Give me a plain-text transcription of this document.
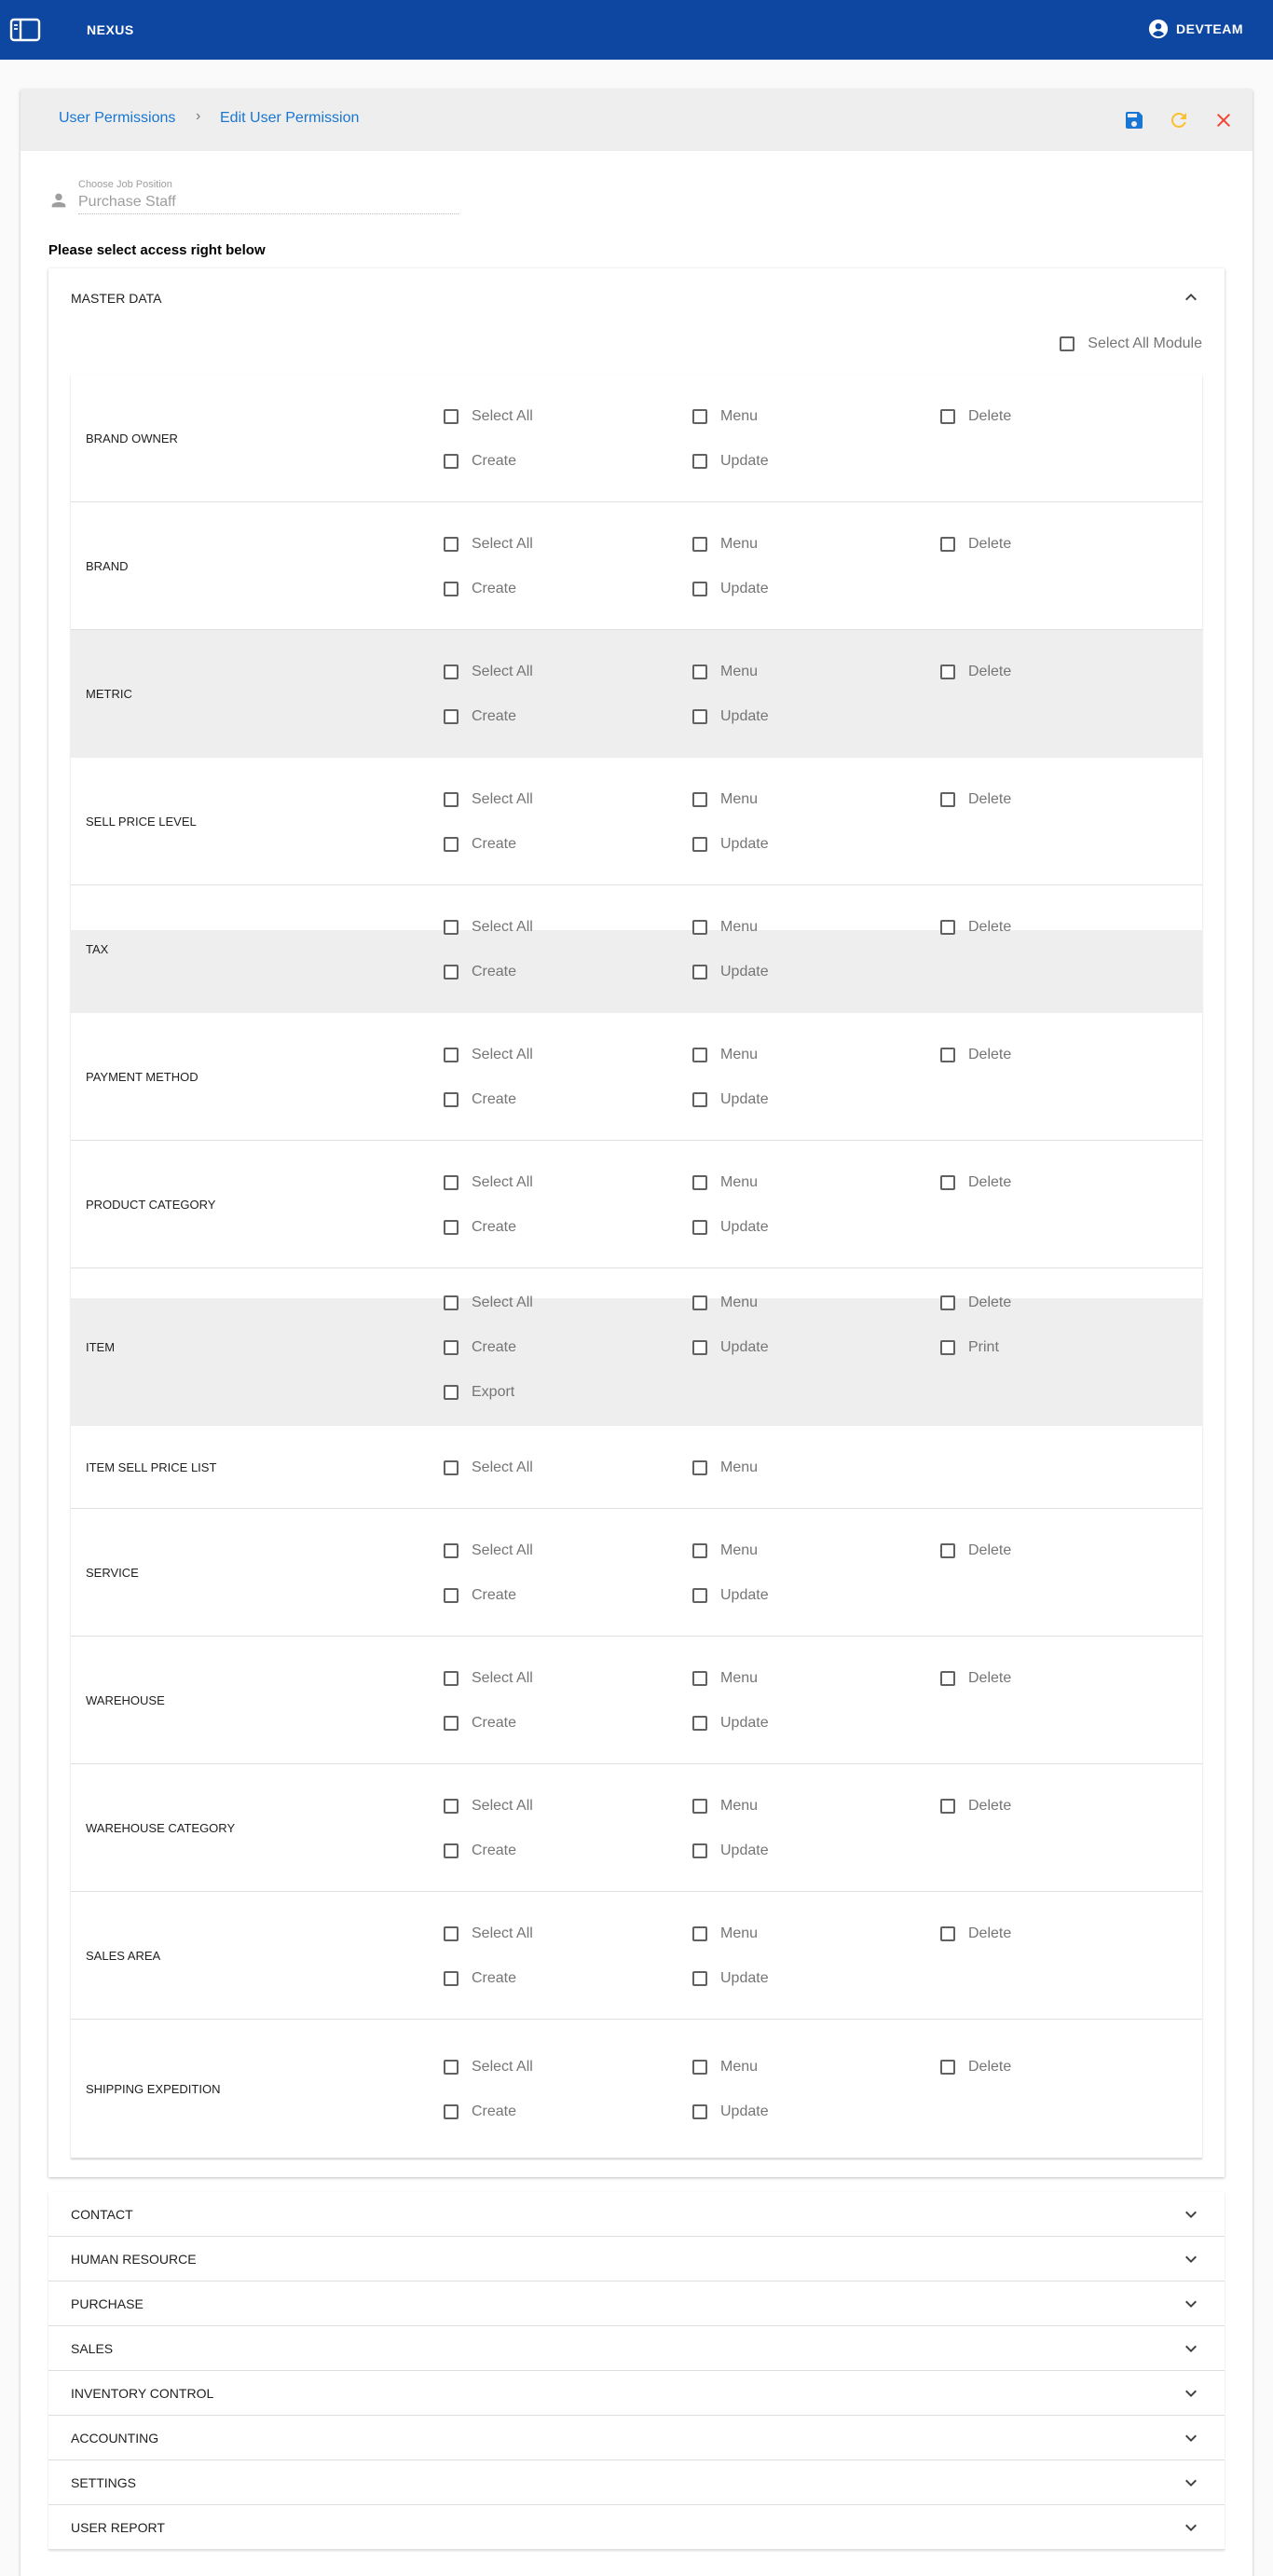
NEXUS	DEVTEAM
User Permissions › Edit User Permission
Choose Job Position
Purchase Staff
Please select access right below
MASTER DATA
Select All Module
BRAND OWNER
Select All	Menu	Delete
Create	Update
BRAND
Select All	Menu	Delete
Create	Update
METRIC
Select All	Menu	Delete
Create	Update
SELL PRICE LEVEL
Select All	Menu	Delete
Create	Update
TAX
Select All	Menu	Delete
Create	Update
PAYMENT METHOD
Select All	Menu	Delete
Create	Update
PRODUCT CATEGORY
Select All	Menu	Delete
Create	Update
ITEM
Select All	Menu	Delete
Create	Update	Print
Export
ITEM SELL PRICE LIST	Select All	Menu
SERVICE
Select All	Menu	Delete
Create	Update
WAREHOUSE
Select All	Menu	Delete
Create	Update
WAREHOUSE CATEGORY
Select All	Menu	Delete
Create	Update
SALES AREA
Select All	Menu	Delete
Create	Update
SHIPPING EXPEDITION
Select All	Menu	Delete
Create	Update
CONTACT
HUMAN RESOURCE
PURCHASE
SALES
INVENTORY CONTROL
ACCOUNTING
SETTINGS
USER REPORT
